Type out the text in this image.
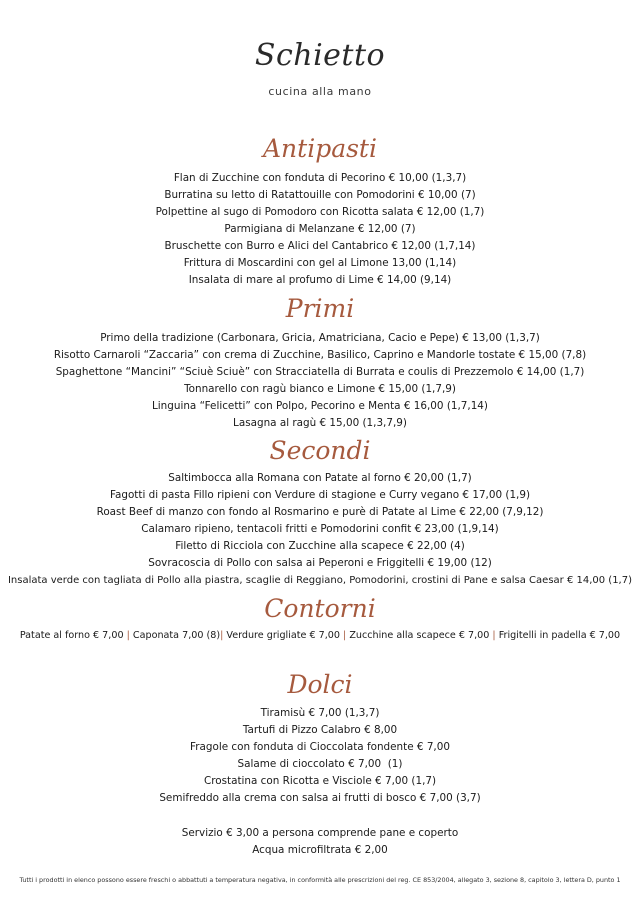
Schietto
cucina alla mano
Antipasti
Flan di Zucchine con fonduta di Pecorino € 10,00 (1,3,7)
Burratina su letto di Ratattouille con Pomodorini € 10,00 (7)
Polpettine al sugo di Pomodoro con Ricotta salata € 12,00 (1,7)
Parmigiana di Melanzane € 12,00 (7)
Bruschette con Burro e Alici del Cantabrico € 12,00 (1,7,14)
Frittura di Moscardini con gel al Limone 13,00 (1,14)
Insalata di mare al profumo di Lime € 14,00 (9,14)
Primi
Primo della tradizione (Carbonara, Gricia, Amatriciana, Cacio e Pepe) € 13,00 (1,3,7)
Risotto Carnaroli “Zaccaria” con crema di Zucchine, Basilico, Caprino e Mandorle tostate € 15,00 (7,8)
Spaghettone “Mancini” “Sciuè Sciuè” con Stracciatella di Burrata e coulis di Prezzemolo € 14,00 (1,7)
Tonnarello con ragù bianco e Limone € 15,00 (1,7,9)
Linguina “Felicetti” con Polpo, Pecorino e Menta € 16,00 (1,7,14)
Lasagna al ragù € 15,00 (1,3,7,9)
Secondi
Saltimbocca alla Romana con Patate al forno € 20,00 (1,7)
Fagotti di pasta Fillo ripieni con Verdure di stagione e Curry vegano € 17,00 (1,9)
Roast Beef di manzo con fondo al Rosmarino e purè di Patate al Lime € 22,00 (7,9,12)
Calamaro ripieno, tentacoli fritti e Pomodorini confit € 23,00 (1,9,14)
Filetto di Ricciola con Zucchine alla scapece € 22,00 (4)
Sovracoscia di Pollo con salsa ai Peperoni e Friggitelli € 19,00 (12)
Insalata verde con tagliata di Pollo alla piastra, scaglie di Reggiano, Pomodorini, crostini di Pane e salsa Caesar € 14,00 (1,7)
Contorni
Patate al forno € 7,00 | Caponata 7,00 (8)| Verdure grigliate € 7,00 | Zucchine alla scapece € 7,00 | Frigitelli in padella € 7,00
Dolci
Tiramisù € 7,00 (1,3,7)
Tartufi di Pizzo Calabro € 8,00
Fragole con fonduta di Cioccolata fondente € 7,00
Salame di cioccolato € 7,00  (1)
Crostatina con Ricotta e Visciole € 7,00 (1,7)
Semifreddo alla crema con salsa ai frutti di bosco € 7,00 (3,7)
Servizio € 3,00 a persona comprende pane e coperto
Acqua microfiltrata € 2,00
Tutti i prodotti in elenco possono essere freschi o abbattuti a temperatura negativa, in conformità alle prescrizioni del reg. CE 853/2004, allegato 3, sezione 8, capitolo 3, lettera D, punto 1
